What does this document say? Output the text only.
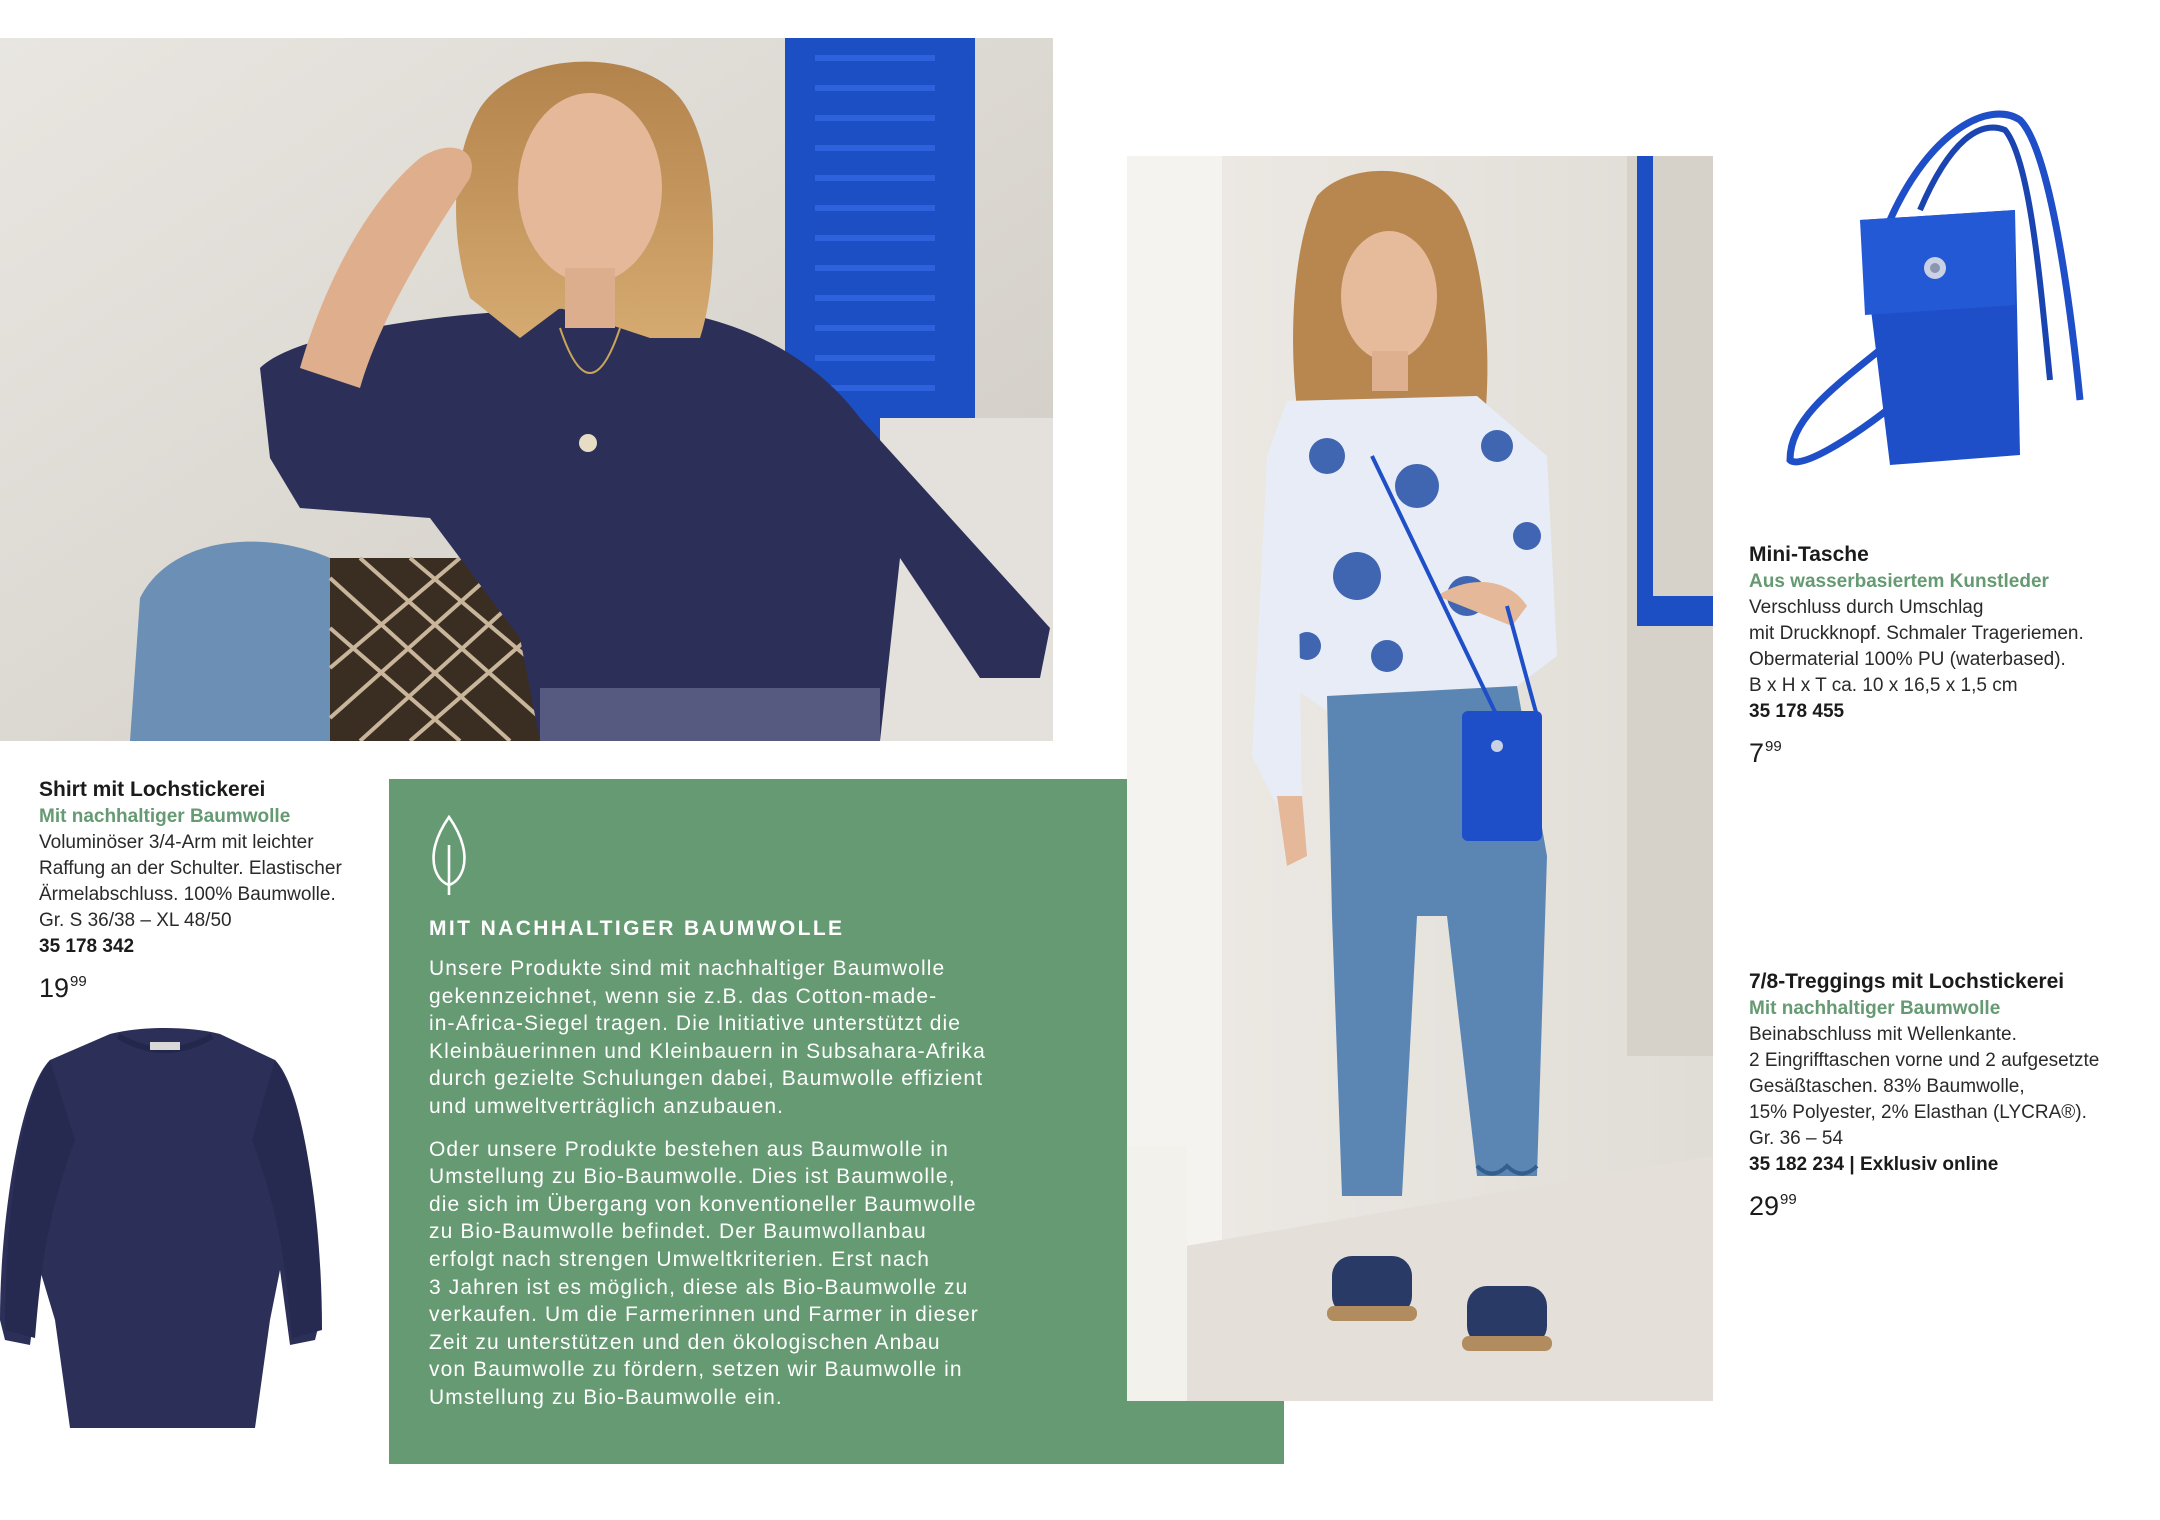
Shirt mit Lochstickerei
Mit nachhaltiger Baumwolle
Voluminöser 3/4-Arm mit leichter
Raffung an der Schulter. Elastischer
Ärmelabschluss. 100% Baumwolle.
Gr. S 36/38 – XL 48/50
35 178 342
$19^{99}$
MIT NACHHALTIGER BAUMWOLLE

Unsere Produkte sind mit nachhaltiger Baumwolle
gekennzeichnet, wenn sie z.B. das Cotton-made-
in-Africa-Siegel tragen. Die Initiative unterstützt die
Kleinbäuerinnen und Kleinbauern in Subsahara-Afrika
durch gezielte Schulungen dabei, Baumwolle effizient
und umweltverträglich anzubauen.

Oder unsere Produkte bestehen aus Baumwolle in
Umstellung zu Bio-Baumwolle. Dies ist Baumwolle,
die sich im Übergang von konventioneller Baumwolle
zu Bio-Baumwolle befindet. Der Baumwollanbau
erfolgt nach strengen Umweltkriterien. Erst nach
3 Jahren ist es möglich, diese als Bio-Baumwolle zu
verkaufen. Um die Farmerinnen und Farmer in dieser
Zeit zu unterstützen und den ökologischen Anbau
von Baumwolle zu fördern, setzen wir Baumwolle in
Umstellung zu Bio-Baumwolle ein.

Mini-Tasche
Aus wasserbasiertem Kunstleder
Verschluss durch Umschlag
mit Druckknopf. Schmaler Trageriemen.
Obermaterial 100% PU (waterbased).
B x H x T ca. 10 x 16,5 x 1,5 cm
35 178 455
$7^{99}$
7/8-Treggings mit Lochstickerei
Mit nachhaltiger Baumwolle
Beinabschluss mit Wellenkante.
2 Eingrifftaschen vorne und 2 aufgesetzte
Gesäßtaschen. 83% Baumwolle,
15% Polyester, 2% Elasthan (LYCRA®).
Gr. 36 – 54
35 182 234 | Exklusiv online
$29^{99}$
